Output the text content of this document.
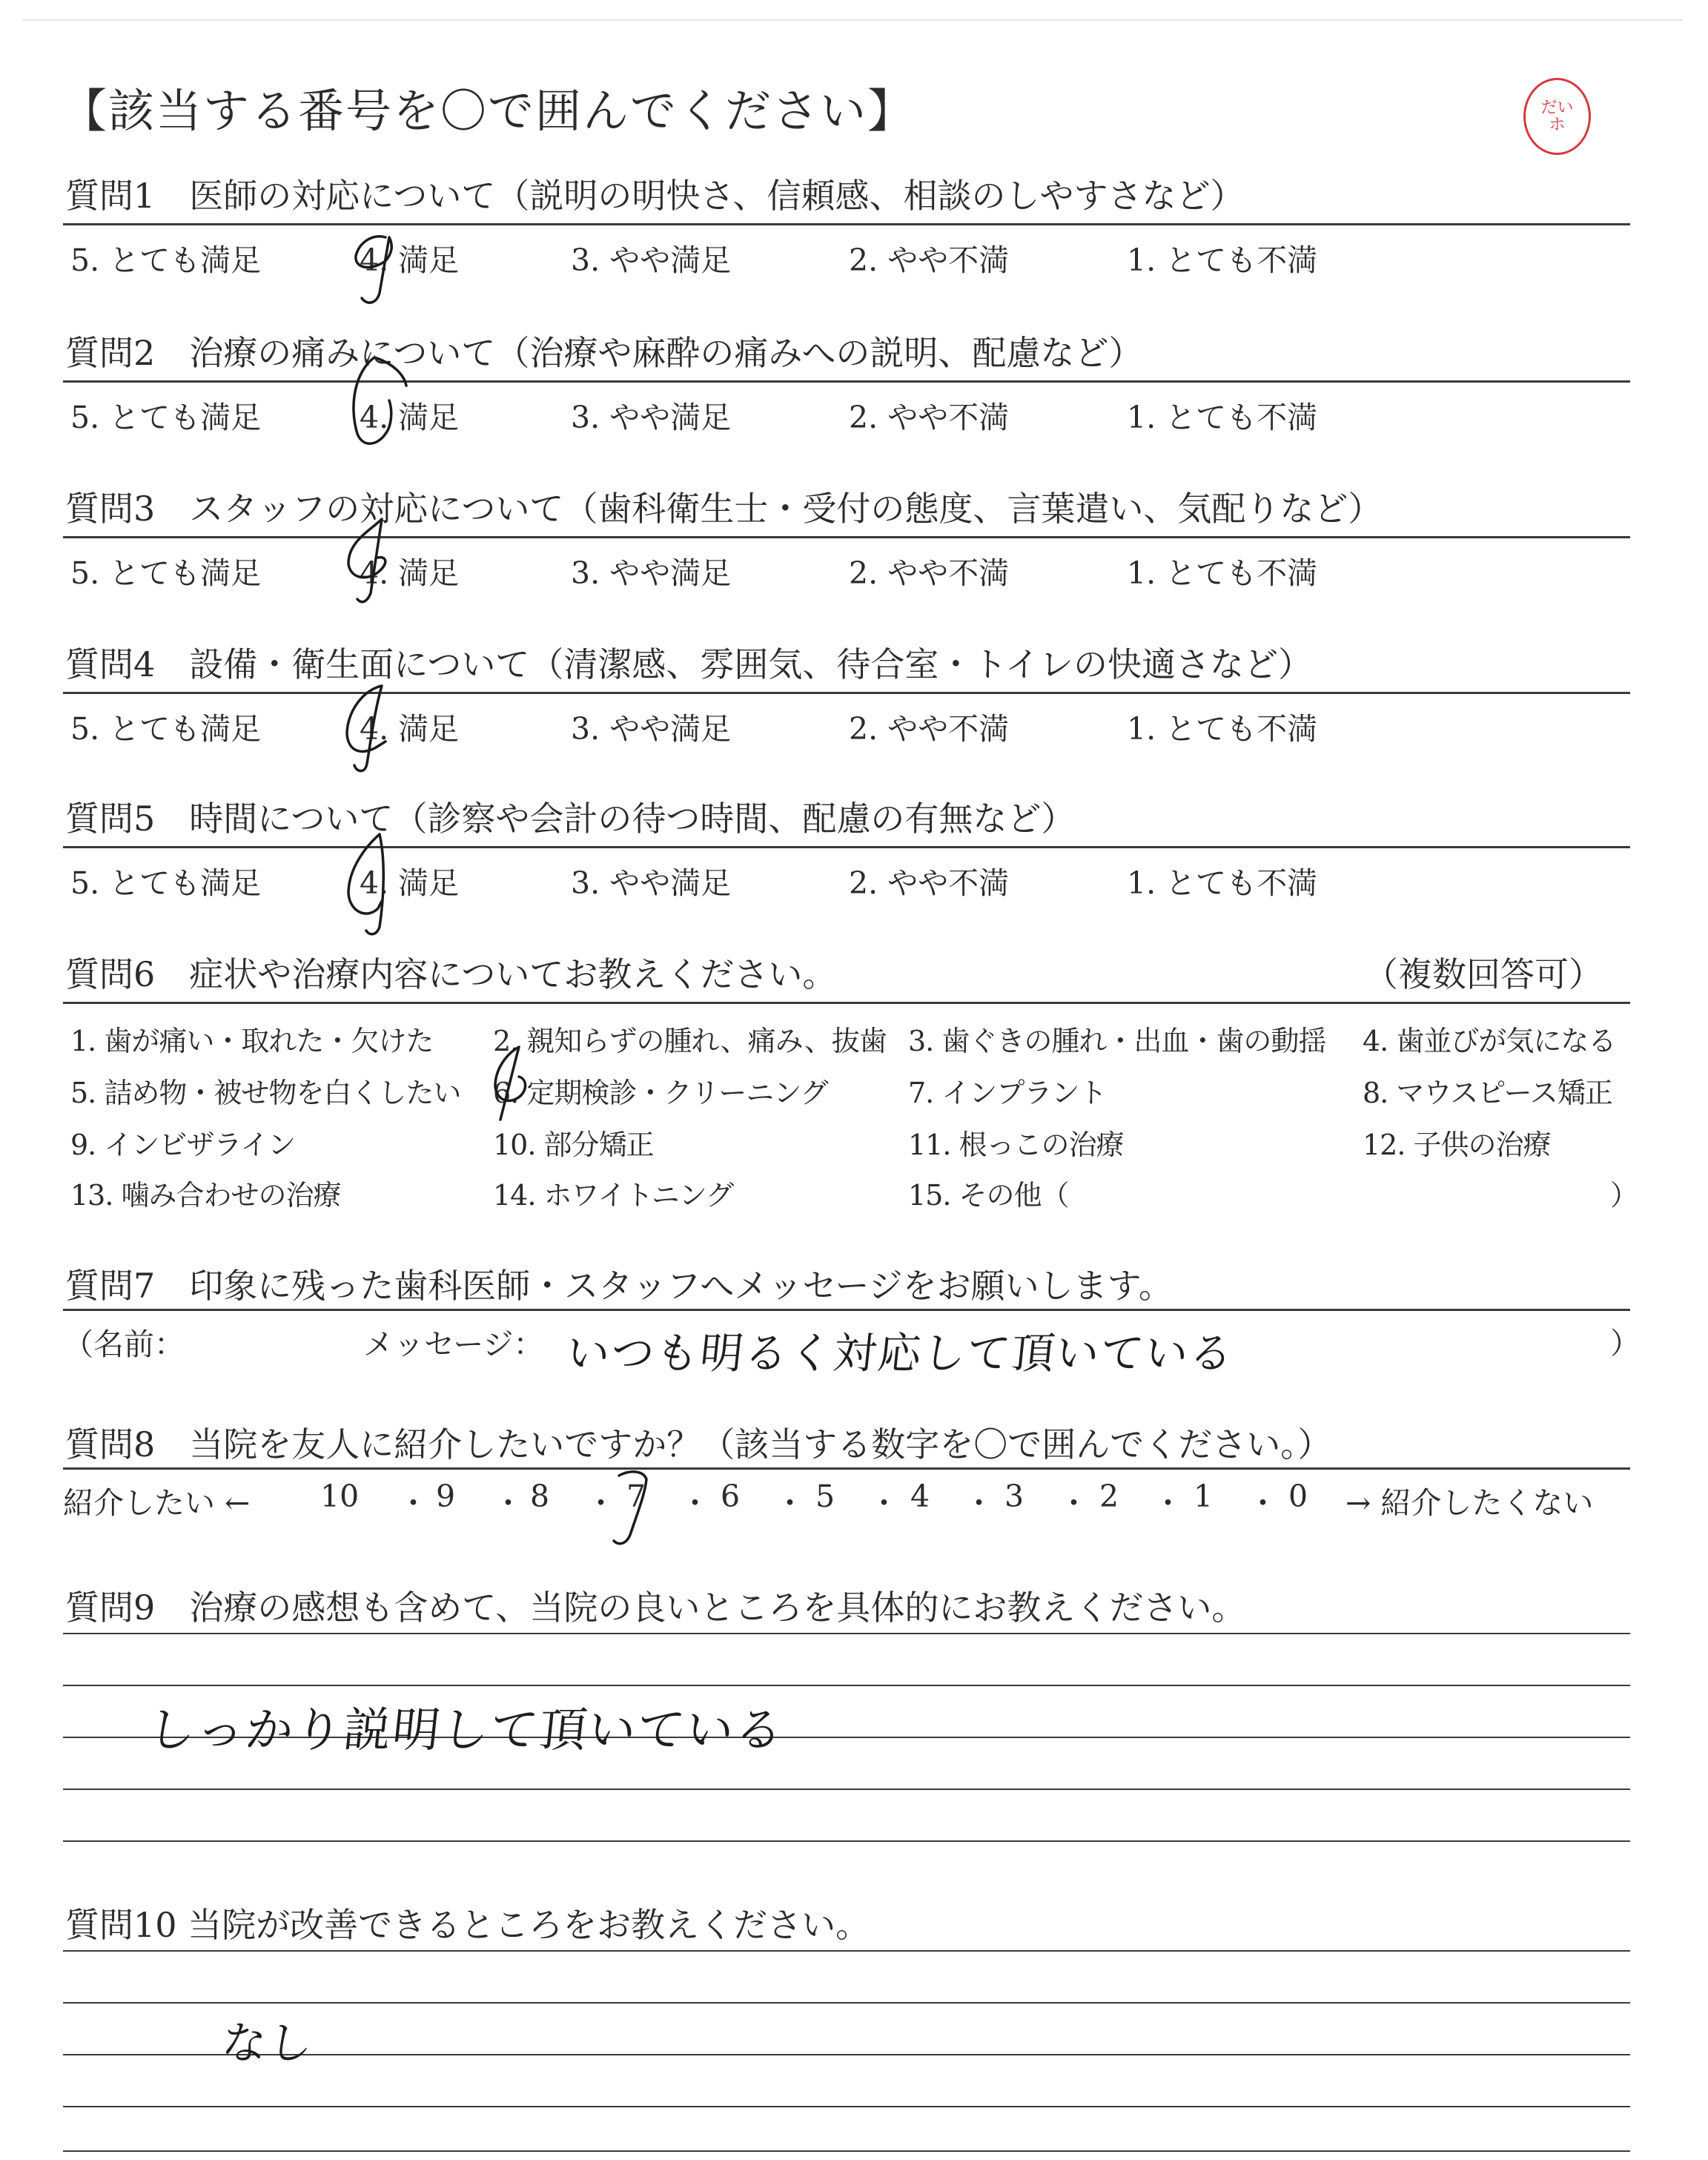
【該当する番号を〇で囲んでください】	だい
ホ
質問1　医師の対応について（説明の明快さ、信頼感、相談のしやすさなど）
5. とても満足	4. 満足	3. やや満足	2. やや不満	1. とても不満
質問2　治療の痛みについて（治療や麻酔の痛みへの説明、配慮など）
5. とても満足	4. 満足	3. やや満足	2. やや不満	1. とても不満
質問3　スタッフの対応について（歯科衛生士・受付の態度、言葉遣い、気配りなど）
5. とても満足	4. 満足	3. やや満足	2. やや不満	1. とても不満
質問4　設備・衛生面について（清潔感、雰囲気、待合室・トイレの快適さなど）
5. とても満足	4. 満足	3. やや満足	2. やや不満	1. とても不満
質問5　時間について（診察や会計の待つ時間、配慮の有無など）
5. とても満足	4. 満足	3. やや満足	2. やや不満	1. とても不満
質問6　症状や治療内容についてお教えください。	（複数回答可）
1. 歯が痛い・取れた・欠けた 2. 親知らずの腫れ、痛み、抜歯 3. 歯ぐきの腫れ・出血・歯の動揺 4. 歯並びが気になる
5. 詰め物・被せ物を白くしたい 6. 定期検診・クリーニング	7. インプラント	8. マウスピース矯正
9. インビザライン	10. 部分矯正	11. 根っこの治療	12. 子供の治療
13. 噛み合わせの治療	14. ホワイトニング	15. その他（	）
質問7　印象に残った歯科医師・スタッフへメッセージをお願いします。
（名前：	メッセージ： いつも明るく対応して頂いている	）
質問8　当院を友人に紹介したいですか？（該当する数字を〇で囲んでください。）
紹介したい ← 10 ・ 9 ・ 8 ・ 7 ・ 6 ・ 5 ・ 4 ・ 3 ・ 2 ・ 1 ・ 0 → 紹介したくない
質問9　治療の感想も含めて、当院の良いところを具体的にお教えください。
しっかり説明して頂いている
質問10 当院が改善できるところをお教えください。
なし
